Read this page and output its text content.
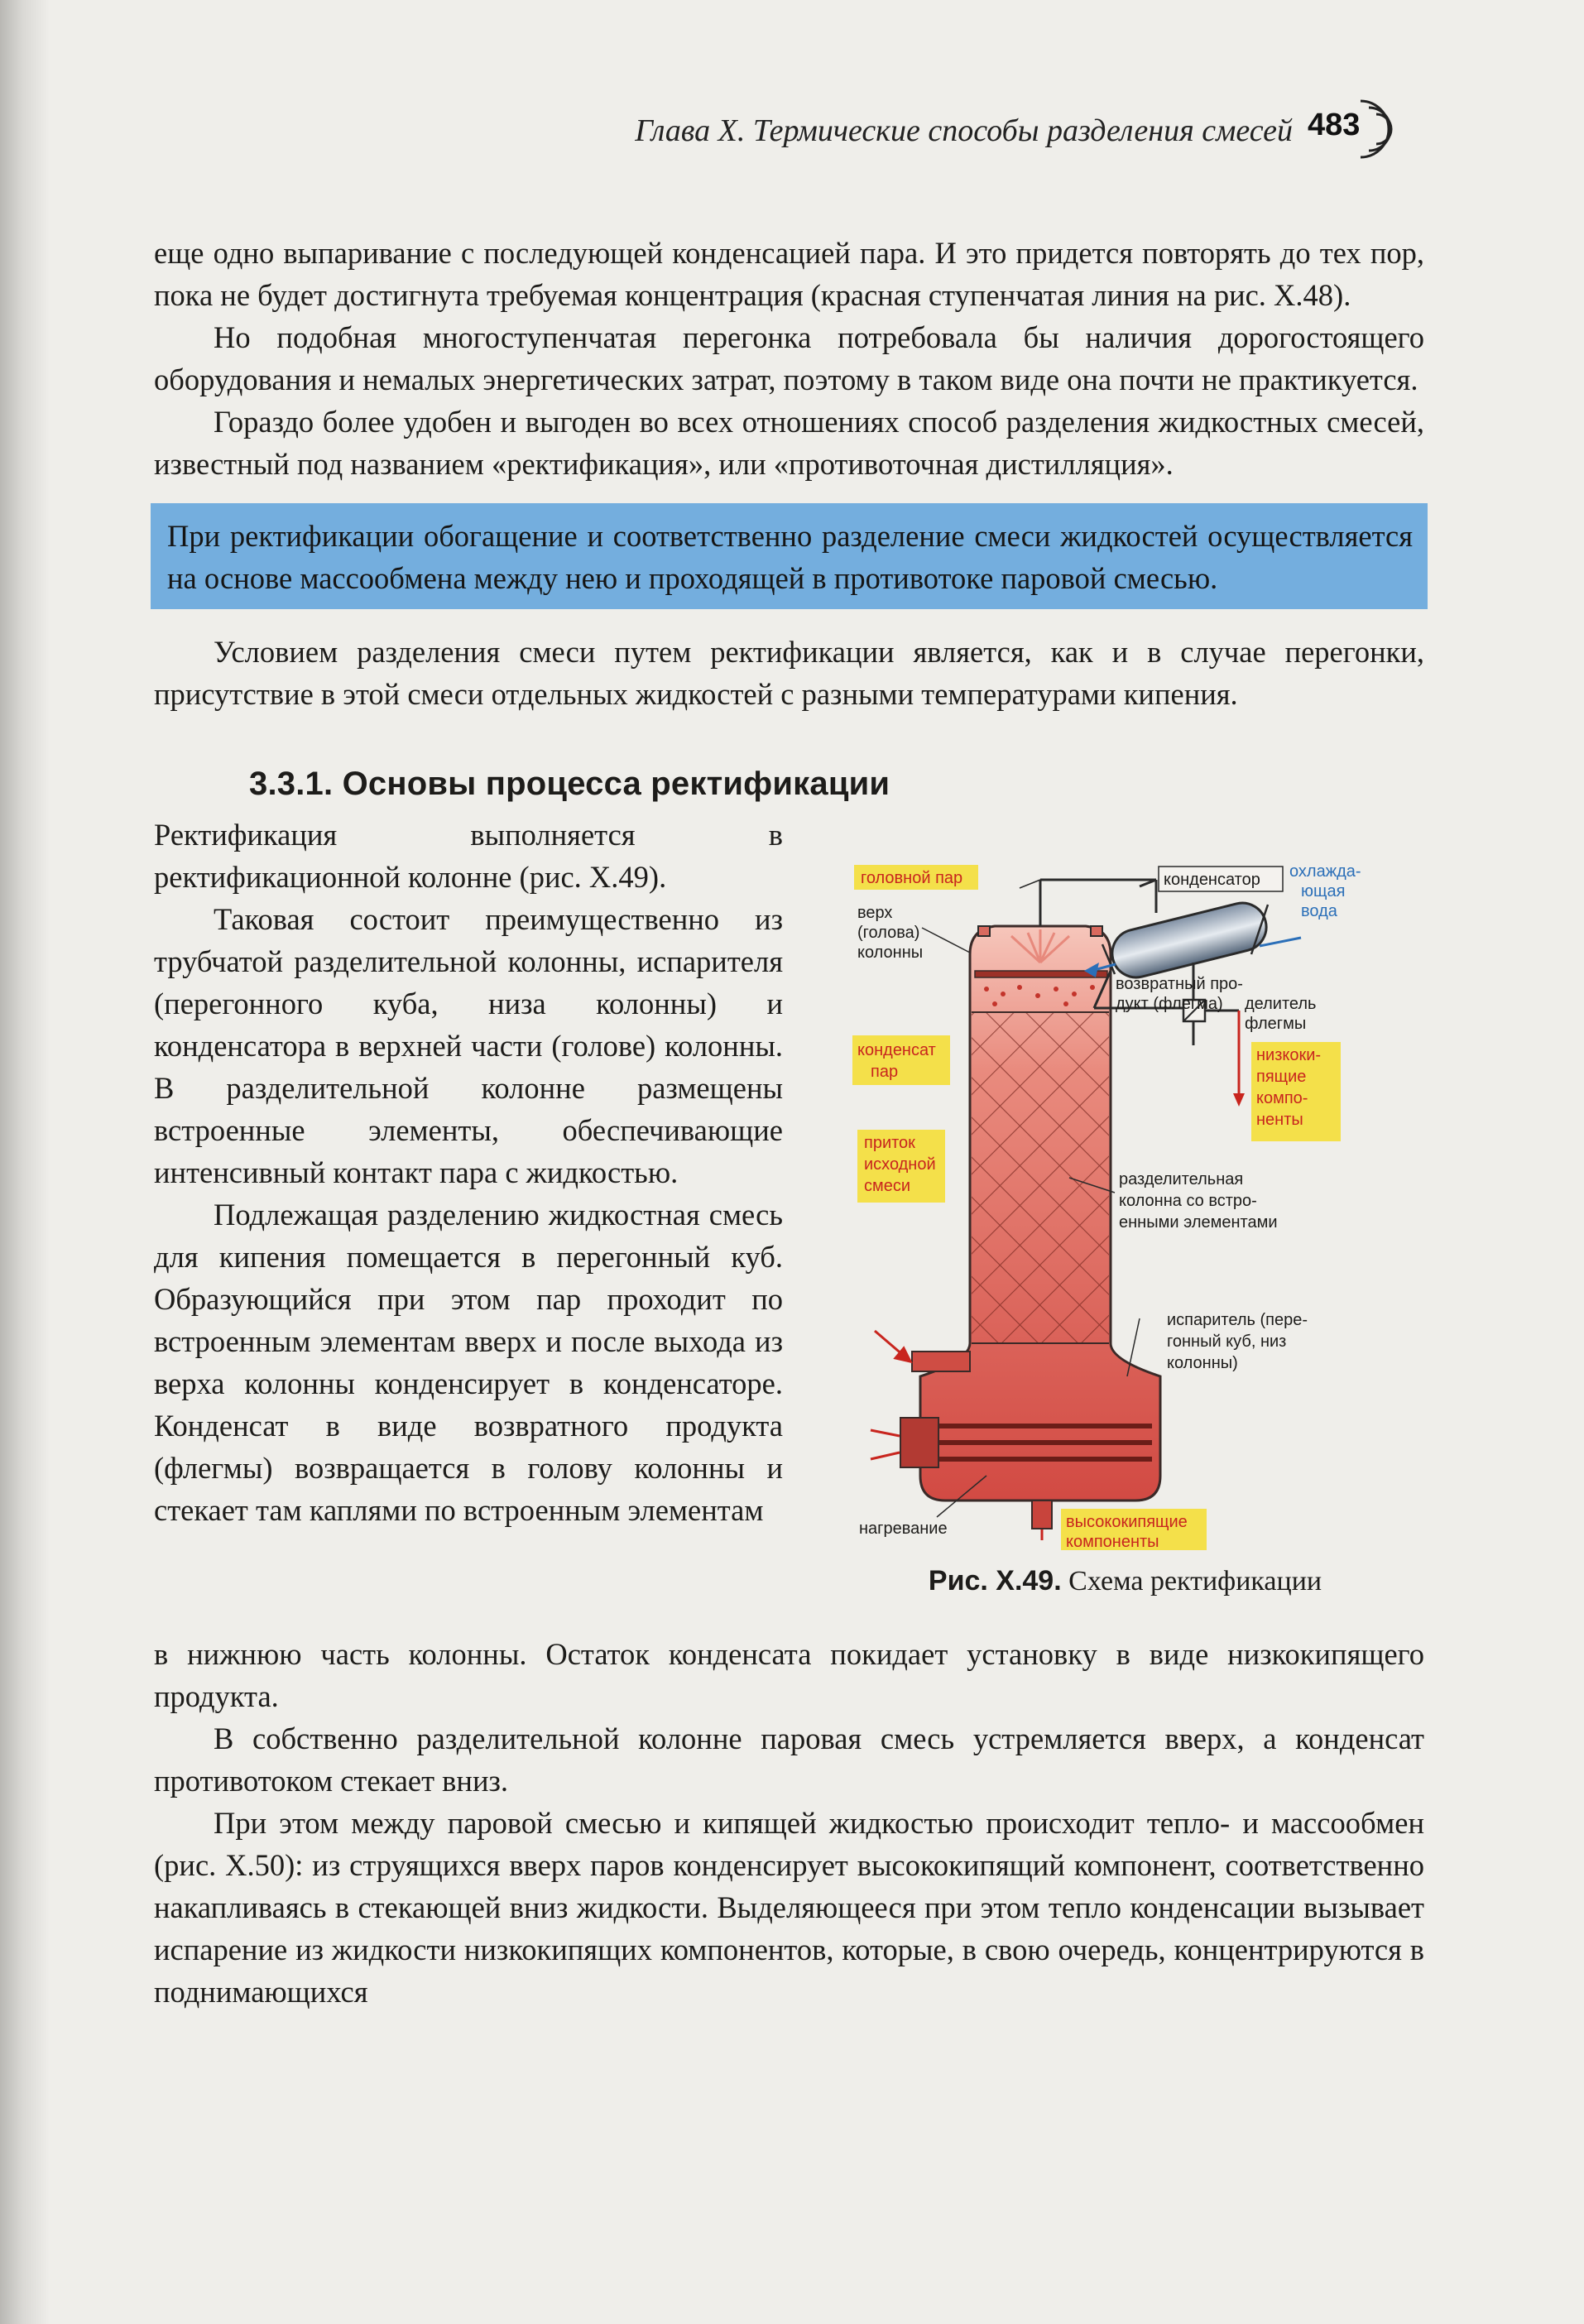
Глава X. Термические способы разделения смесей 483

еще одно выпаривание с последующей конденсацией пара. И это придется повторять до тех пор, пока не будет достигнута требуемая концентрация (красная ступенчатая линия на рис. X.48).

Но подобная многоступенчатая перегонка потребовала бы наличия дорогостоящего оборудования и немалых энергетических затрат, поэтому в таком виде она почти не практикуется.

Гораздо более удобен и выгоден во всех отношениях способ разделения жидкостных смесей, известный под названием «ректификация», или «противоточная дистилляция».

При ректификации обогащение и соответственно разделение смеси жидкостей осуществляется на основе массообмена между нею и проходящей в противотоке паровой смесью.

Условием разделения смеси путем ректификации является, как и в случае перегонки, присутствие в этой смеси отдельных жидкостей с разными температурами кипения.

3.3.1. Основы процесса ректификации

Ректификация выполняется в ректификационной колонне (рис. X.49).

Таковая состоит преимущественно из трубчатой разделительной колонны, испарителя (перегонного куба, низа колонны) и конденсатора в верхней части (голове) колонны. В разделительной колонне размещены встроенные элементы, обеспечивающие интенсивный контакт пара с жидкостью.

Подлежащая разделению жидкостная смесь для кипения помещается в перегонный куб. Образующийся при этом пар проходит по встроенным элементам вверх и после выхода из верха колонны конденсирует в конденсаторе. Конденсат в виде возвратного продукта (флегмы) возвращается в голову колонны и стекает там каплями по встроенным элементам

головной пар
верх
(голова)
колонны
конденсатор охлажда-
ющая
вода
возвратный про-
дукт (флегма) делитель
флегмы
низкоки-
пящие
компо-
ненты
конденсат
пар
приток
исходной
смеси	разделительная
колонна со встро-
енными элементами
испаритель (пере-
гонный куб, низ
колонны)
нагревание	высококипящие
компоненты
Рис. X.49. Схема ректификации

в нижнюю часть колонны. Остаток конденсата покидает установку в виде низкокипящего продукта.

В собственно разделительной колонне паровая смесь устремляется вверх, а конденсат противотоком стекает вниз.

При этом между паровой смесью и кипящей жидкостью происходит тепло- и массообмен (рис. X.50): из струящихся вверх паров конденсирует высококипящий компонент, соответственно накапливаясь в стекающей вниз жидкости. Выделяющееся при этом тепло конденсации вызывает испарение из жидкости низкокипящих компонентов, которые, в свою очередь, концентрируются в поднимающихся
